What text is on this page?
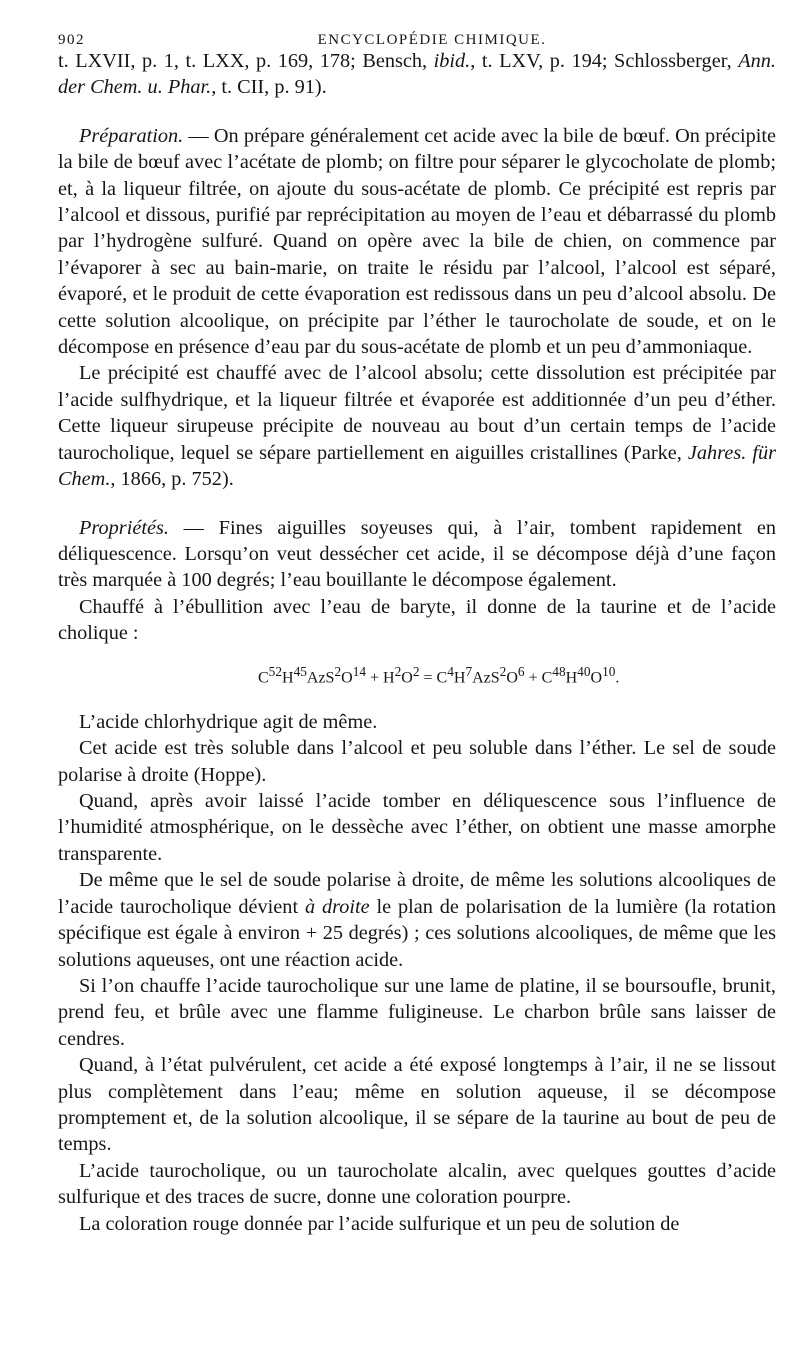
902	ENCYCLOPÉDIE CHIMIQUE.

t. LXVII, p. 1, t. LXX, p. 169, 178; Bensch, ibid., t. LXV, p. 194; Schlossberger, Ann. der Chem. u. Phar., t. CII, p. 91).

Préparation. — On prépare généralement cet acide avec la bile de bœuf. On précipite la bile de bœuf avec l’acétate de plomb; on filtre pour séparer le glycocholate de plomb; et, à la liqueur filtrée, on ajoute du sous-acétate de plomb. Ce précipité est repris par l’alcool et dissous, purifié par reprécipitation au moyen de l’eau et débarrassé du plomb par l’hydrogène sulfuré. Quand on opère avec la bile de chien, on commence par l’évaporer à sec au bain-marie, on traite le résidu par l’alcool, l’alcool est séparé, évaporé, et le produit de cette évaporation est redissous dans un peu d’alcool absolu. De cette solution alcoolique, on précipite par l’éther le taurocholate de soude, et on le décompose en présence d’eau par du sous-acétate de plomb et un peu d’ammoniaque.

Le précipité est chauffé avec de l’alcool absolu; cette dissolution est précipitée par l’acide sulfhydrique, et la liqueur filtrée et évaporée est additionnée d’un peu d’éther. Cette liqueur sirupeuse précipite de nouveau au bout d’un certain temps de l’acide taurocholique, lequel se sépare partiellement en aiguilles cristallines (Parke, Jahres. für Chem., 1866, p. 752).

Propriétés. — Fines aiguilles soyeuses qui, à l’air, tombent rapidement en déliquescence. Lorsqu’on veut dessécher cet acide, il se décompose déjà d’une façon très marquée à 100 degrés; l’eau bouillante le décompose également.

Chauffé à l’ébullition avec l’eau de baryte, il donne de la taurine et de l’acide cholique :

$C^{52}H^{45}AzS^2O^{14} + H^2O^2 = C^4H^7AzS^2O^6 + C^{48}H^{40}O^{10}$.

L’acide chlorhydrique agit de même.

Cet acide est très soluble dans l’alcool et peu soluble dans l’éther. Le sel de soude polarise à droite (Hoppe).

Quand, après avoir laissé l’acide tomber en déliquescence sous l’influence de l’humidité atmosphérique, on le dessèche avec l’éther, on obtient une masse amorphe transparente.

De même que le sel de soude polarise à droite, de même les solutions alcooliques de l’acide taurocholique dévient à droite le plan de polarisation de la lumière (la rotation spécifique est égale à environ + 25 degrés) ; ces solutions alcooliques, de même que les solutions aqueuses, ont une réaction acide.

Si l’on chauffe l’acide taurocholique sur une lame de platine, il se boursoufle, brunit, prend feu, et brûle avec une flamme fuligineuse. Le charbon brûle sans laisser de cendres.

Quand, à l’état pulvérulent, cet acide a été exposé longtemps à l’air, il ne se lissout plus complètement dans l’eau; même en solution aqueuse, il se décompose promptement et, de la solution alcoolique, il se sépare de la taurine au bout de peu de temps.

L’acide taurocholique, ou un taurocholate alcalin, avec quelques gouttes d’acide sulfurique et des traces de sucre, donne une coloration pourpre.

La coloration rouge donnée par l’acide sulfurique et un peu de solution de
